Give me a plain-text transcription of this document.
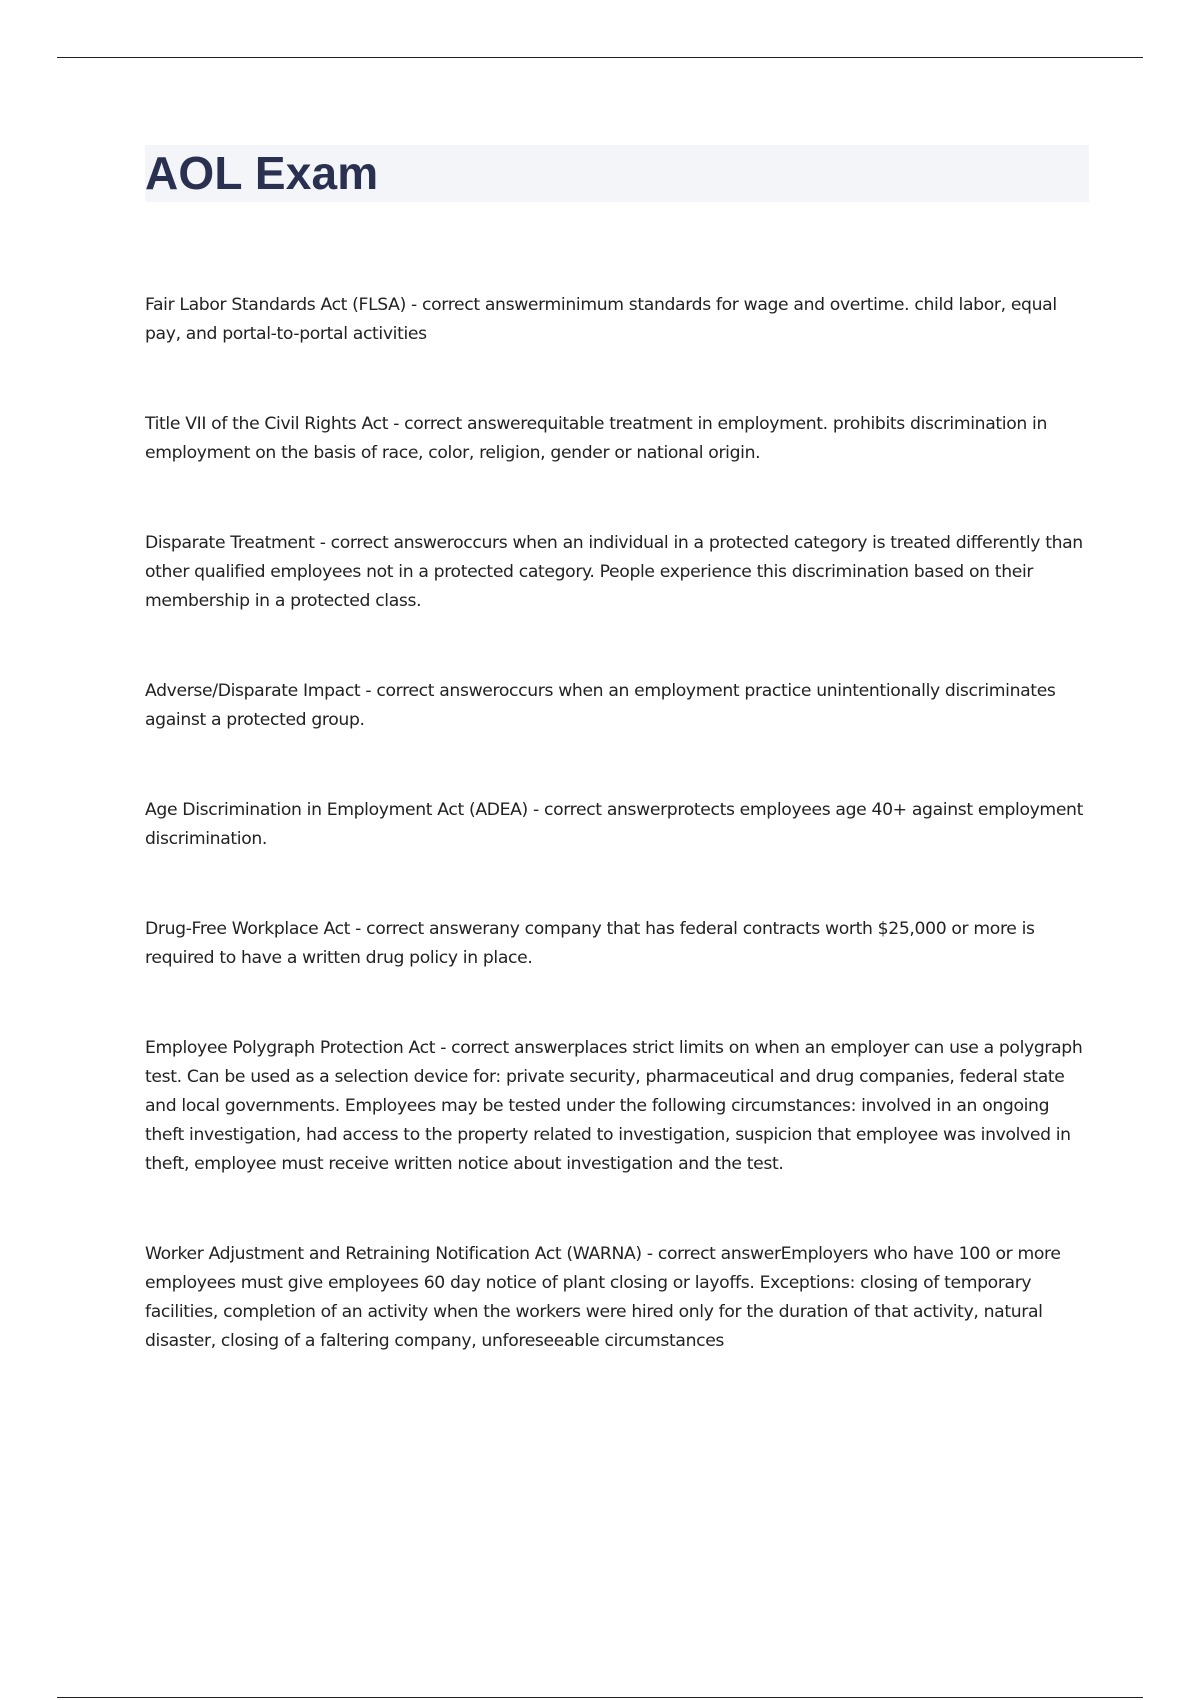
AOL Exam

Fair Labor Standards Act (FLSA) - correct answerminimum standards for wage and overtime. child labor, equal pay, and portal-to-portal activities

Title VII of the Civil Rights Act - correct answerequitable treatment in employment. prohibits discrimination in employment on the basis of race, color, religion, gender or national origin.

Disparate Treatment - correct answeroccurs when an individual in a protected category is treated differently than other qualified employees not in a protected category. People experience this discrimination based on their membership in a protected class.

Adverse/Disparate Impact - correct answeroccurs when an employment practice unintentionally discriminates against a protected group.

Age Discrimination in Employment Act (ADEA) - correct answerprotects employees age 40+ against employment discrimination.

Drug-Free Workplace Act - correct answerany company that has federal contracts worth $25,000 or more is required to have a written drug policy in place.

Employee Polygraph Protection Act - correct answerplaces strict limits on when an employer can use a polygraph test. Can be used as a selection device for: private security, pharmaceutical and drug companies, federal state and local governments. Employees may be tested under the following circumstances: involved in an ongoing theft investigation, had access to the property related to investigation, suspicion that employee was involved in theft, employee must receive written notice about investigation and the test.

Worker Adjustment and Retraining Notification Act (WARNA) - correct answerEmployers who have 100 or more employees must give employees 60 day notice of plant closing or layoffs. Exceptions: closing of temporary facilities, completion of an activity when the workers were hired only for the duration of that activity, natural disaster, closing of a faltering company, unforeseeable circumstances
